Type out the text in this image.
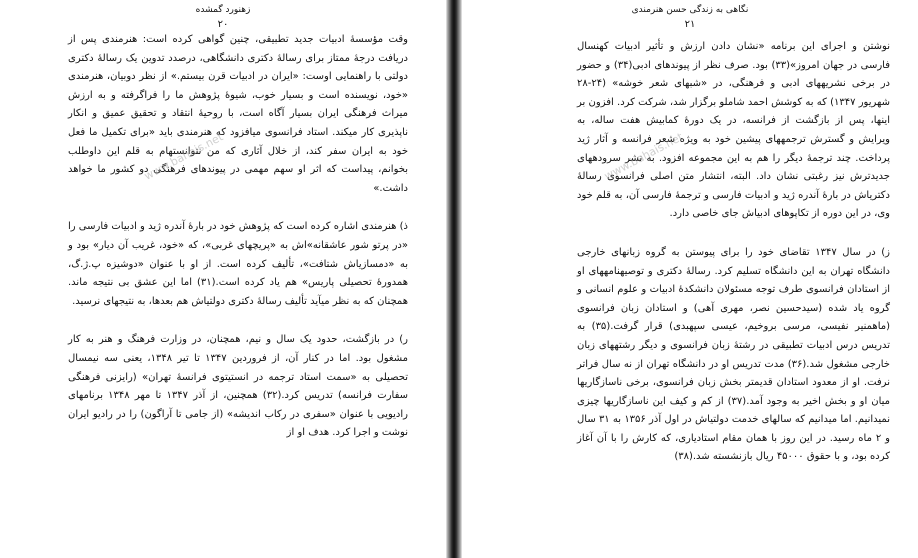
زهنورد گمشده
۲۰

وقت مؤسسهٔ ادبیات جدید تطبیقی، چنین گواهی کرده است: هنرمندی پس از دریافت درجهٔ ممتاز برای رسالهٔ دکتری دانشگاهی، درصدد تدوین یک رسالهٔ دکتری دولتی با راهنمایی اوست: «ایران در ادبیات قرن بیستم.» از نظر دوبیان، هنرمندی «خود، نویسنده است و بسیار خوب، شیوهٔ پژوهش ما را فراگرفته و به ارزش میراث فرهنگی ایران بسیار آگاه است، با روحیهٔ انتقاد و تحقیق عمیق و انکار ناپذیری کار میکند. استاد فرانسوی میافزود که هنرمندی باید «برای تکمیل ما فعل خود به ایران سفر کند، از خلال آثاری که من نتوانستهام به قلم این داوطلب بخوانم، پیداست که اثر او سهم مهمی در پیوندهای فرهنگی دو کشور ما خواهد داشت.»

ذ) هنرمندی اشاره کرده است که پژوهش خود در بارهٔ آندره ژید و ادبیات فارسی را «در پرتو شور عاشقانه»اش به «پریچهای غربی»، که «خود، غریب آن دیار» بود و به «دمسازیاش شتافت»، تألیف کرده است. از او با عنوان «دوشیزه پ.ژ.گ، همدورهٔ تحصیلی پاریس» هم یاد کرده است.(۳۱) اما این عشق بی نتیجه ماند. همچنان که به نظر میآید تألیف رسالهٔ دکتری دولتیاش هم بعدها، به نتیجهای نرسید.

ر) در بازگشت، حدود یک سال و نیم، همچنان، در وزارت فرهنگ و هنر به کار مشغول بود. اما در کنار آن، از فروردین ۱۳۴۷ تا تیر ۱۳۴۸، یعنی سه نیمسال تحصیلی به «سمت استاد ترجمه در انستیتوی فرانسهٔ تهران» (رایزنی فرهنگی سفارت فرانسه) تدریس کرد.(۳۲) همچنین، از آذر ۱۳۴۷ تا مهر ۱۳۴۸ برنامهای رادیویی با عنوان «سفری در رکاب اندیشه» (از جامی تا آراگون) را در رادیو ایران نوشت و اجرا کرد. هدف او از

www.bahais.net
نگاهی به زندگی حسن هنرمندی
۲۱

نوشتن و اجرای این برنامه «نشان دادن ارزش و تأثیر ادبیات کهنسال فارسی در جهان امروز»(۳۳) بود. صرف نظر از پیوندهای ادبی(۳۴) و حضور در برخی نشریههای ادبی و فرهنگی، در «شبهای شعر خوشه» (۲۴-۲۸ شهریور ۱۳۴۷) که به کوشش احمد شاملو برگزار شد، شرکت کرد. افزون بر اینها، پس از بازگشت از فرانسه، در یک دورهٔ کمابیش هفت ساله، به ویرایش و گسترش ترجمههای پیشین خود به ویژه شعر فرانسه و آثار ژید پرداخت. چند ترجمهٔ دیگر را هم به این مجموعه افزود. به نشر سرودههای جدیدترش نیز رغبتی نشان داد. البته، انتشار متن اصلی فرانسوی رسالهٔ دکتریاش در بارهٔ آندره ژید و ادبیات فارسی و ترجمهٔ فارسی آن، به قلم خود وی، در این دوره از تکاپوهای ادبیاش جای خاصی دارد.

ز) در سال ۱۳۴۷ تقاضای خود را برای پیوستن به گروه زبانهای خارجی دانشگاه تهران به این دانشگاه تسلیم کرد. رسالهٔ دکتری و توصیهنامههای او از استادان فرانسوی طرف توجه مسئولان دانشکدهٔ ادبیات و علوم انسانی و گروه یاد شده (سیدحسین نصر، مهری آهی) و استادان زبان فرانسوی (ماهمنیر نفیسی، مرسی بروخیم، عیسی سپهبدی) قرار گرفت.(۳۵) به تدریس درس ادبیات تطبیقی در رشتهٔ زبان فرانسوی و دیگر رشتههای زبان خارجی مشغول شد.(۳۶) مدت تدریس او در دانشگاه تهران از نه سال فراتر نرفت. او از معدود استادان قدیمتر بخش زبان فرانسوی، برخی ناسازگاریها میان او و بخش اخیر به وجود آمد.(۳۷) از کم و کیف این ناسازگاریها چیزی نمیدانیم. اما میدانیم که سالهای خدمت دولتیاش در اول آذر ۱۳۵۶ به ۳۱ سال و ۲ ماه رسید. در این روز با همان مقام استادیاری، که کارش را با آن آغاز کرده بود، و با حقوق ۴۵۰۰۰ ریال بازنشسته شد.(۳۸)

www.bahais.net
